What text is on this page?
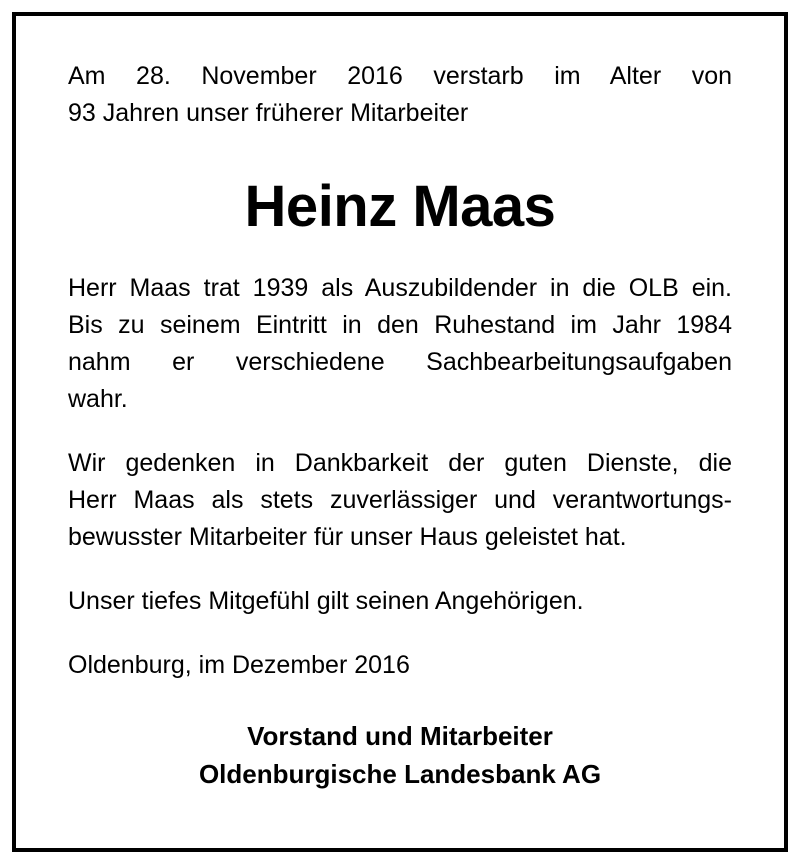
Am 28. November 2016 verstarb im Alter von
93 Jahren unser früherer Mitarbeiter
Heinz Maas
Herr Maas trat 1939 als Auszubildender in die OLB ein.
Bis zu seinem Eintritt in den Ruhestand im Jahr 1984
nahm er verschiedene Sachbearbeitungsaufgaben
wahr.
Wir gedenken in Dankbarkeit der guten Dienste, die
Herr Maas als stets zuverlässiger und verantwortungs-
bewusster Mitarbeiter für unser Haus geleistet hat.
Unser tiefes Mitgefühl gilt seinen Angehörigen.
Oldenburg, im Dezember 2016
Vorstand und Mitarbeiter
Oldenburgische Landesbank AG
